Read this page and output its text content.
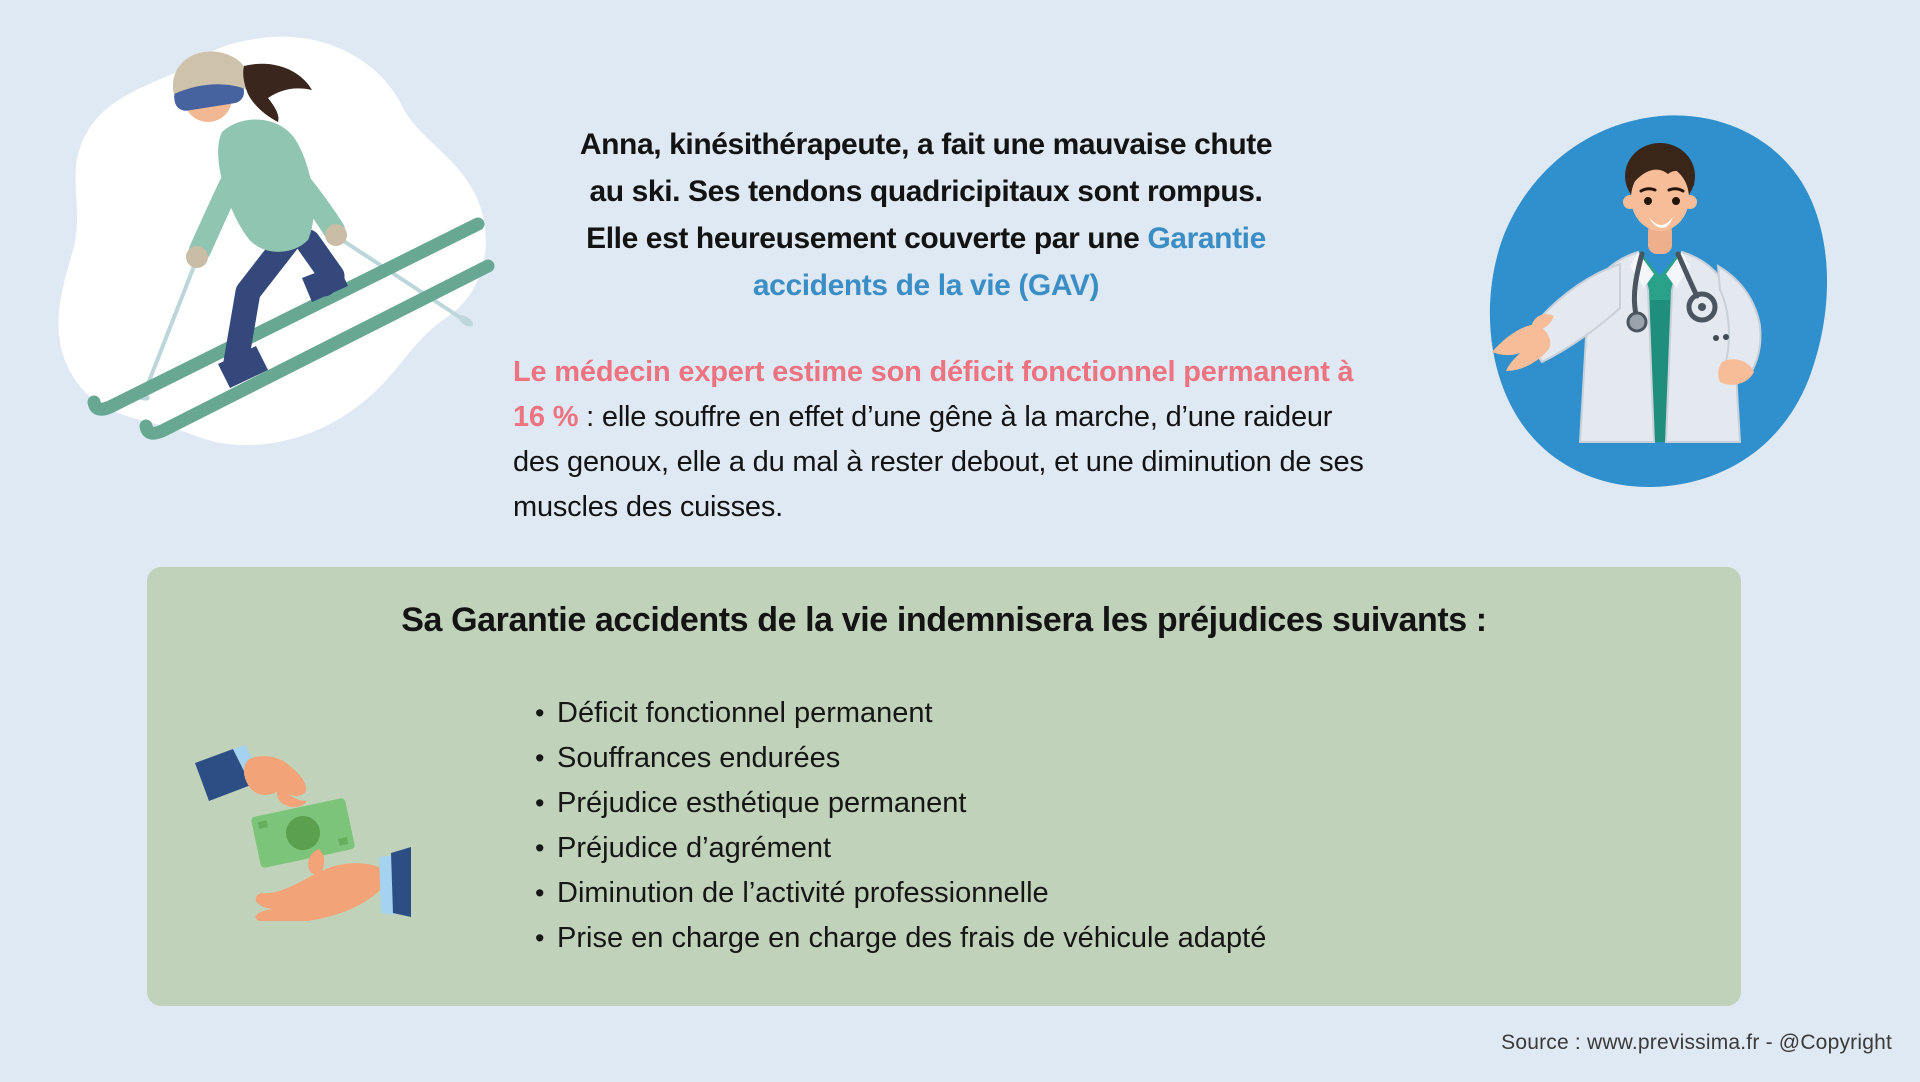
Anna, kinésithérapeute, a fait une mauvaise chute
au ski. Ses tendons quadricipitaux sont rompus.
Elle est heureusement couverte par une Garantie
accidents de la vie (GAV)

Le médecin expert estime son déficit fonctionnel permanent à 16 % : elle souffre en effet d’une gêne à la marche, d’une raideur des genoux, elle a du mal à rester debout, et une diminution de ses muscles des cuisses.

Sa Garantie accidents de la vie indemnisera les préjudices suivants :
• Déficit fonctionnel permanent
• Souffrances endurées
• Préjudice esthétique permanent
• Préjudice d’agrément
• Diminution de l’activité professionnelle
• Prise en charge en charge des frais de véhicule adapté
Source : www.previssima.fr - @Copyright
